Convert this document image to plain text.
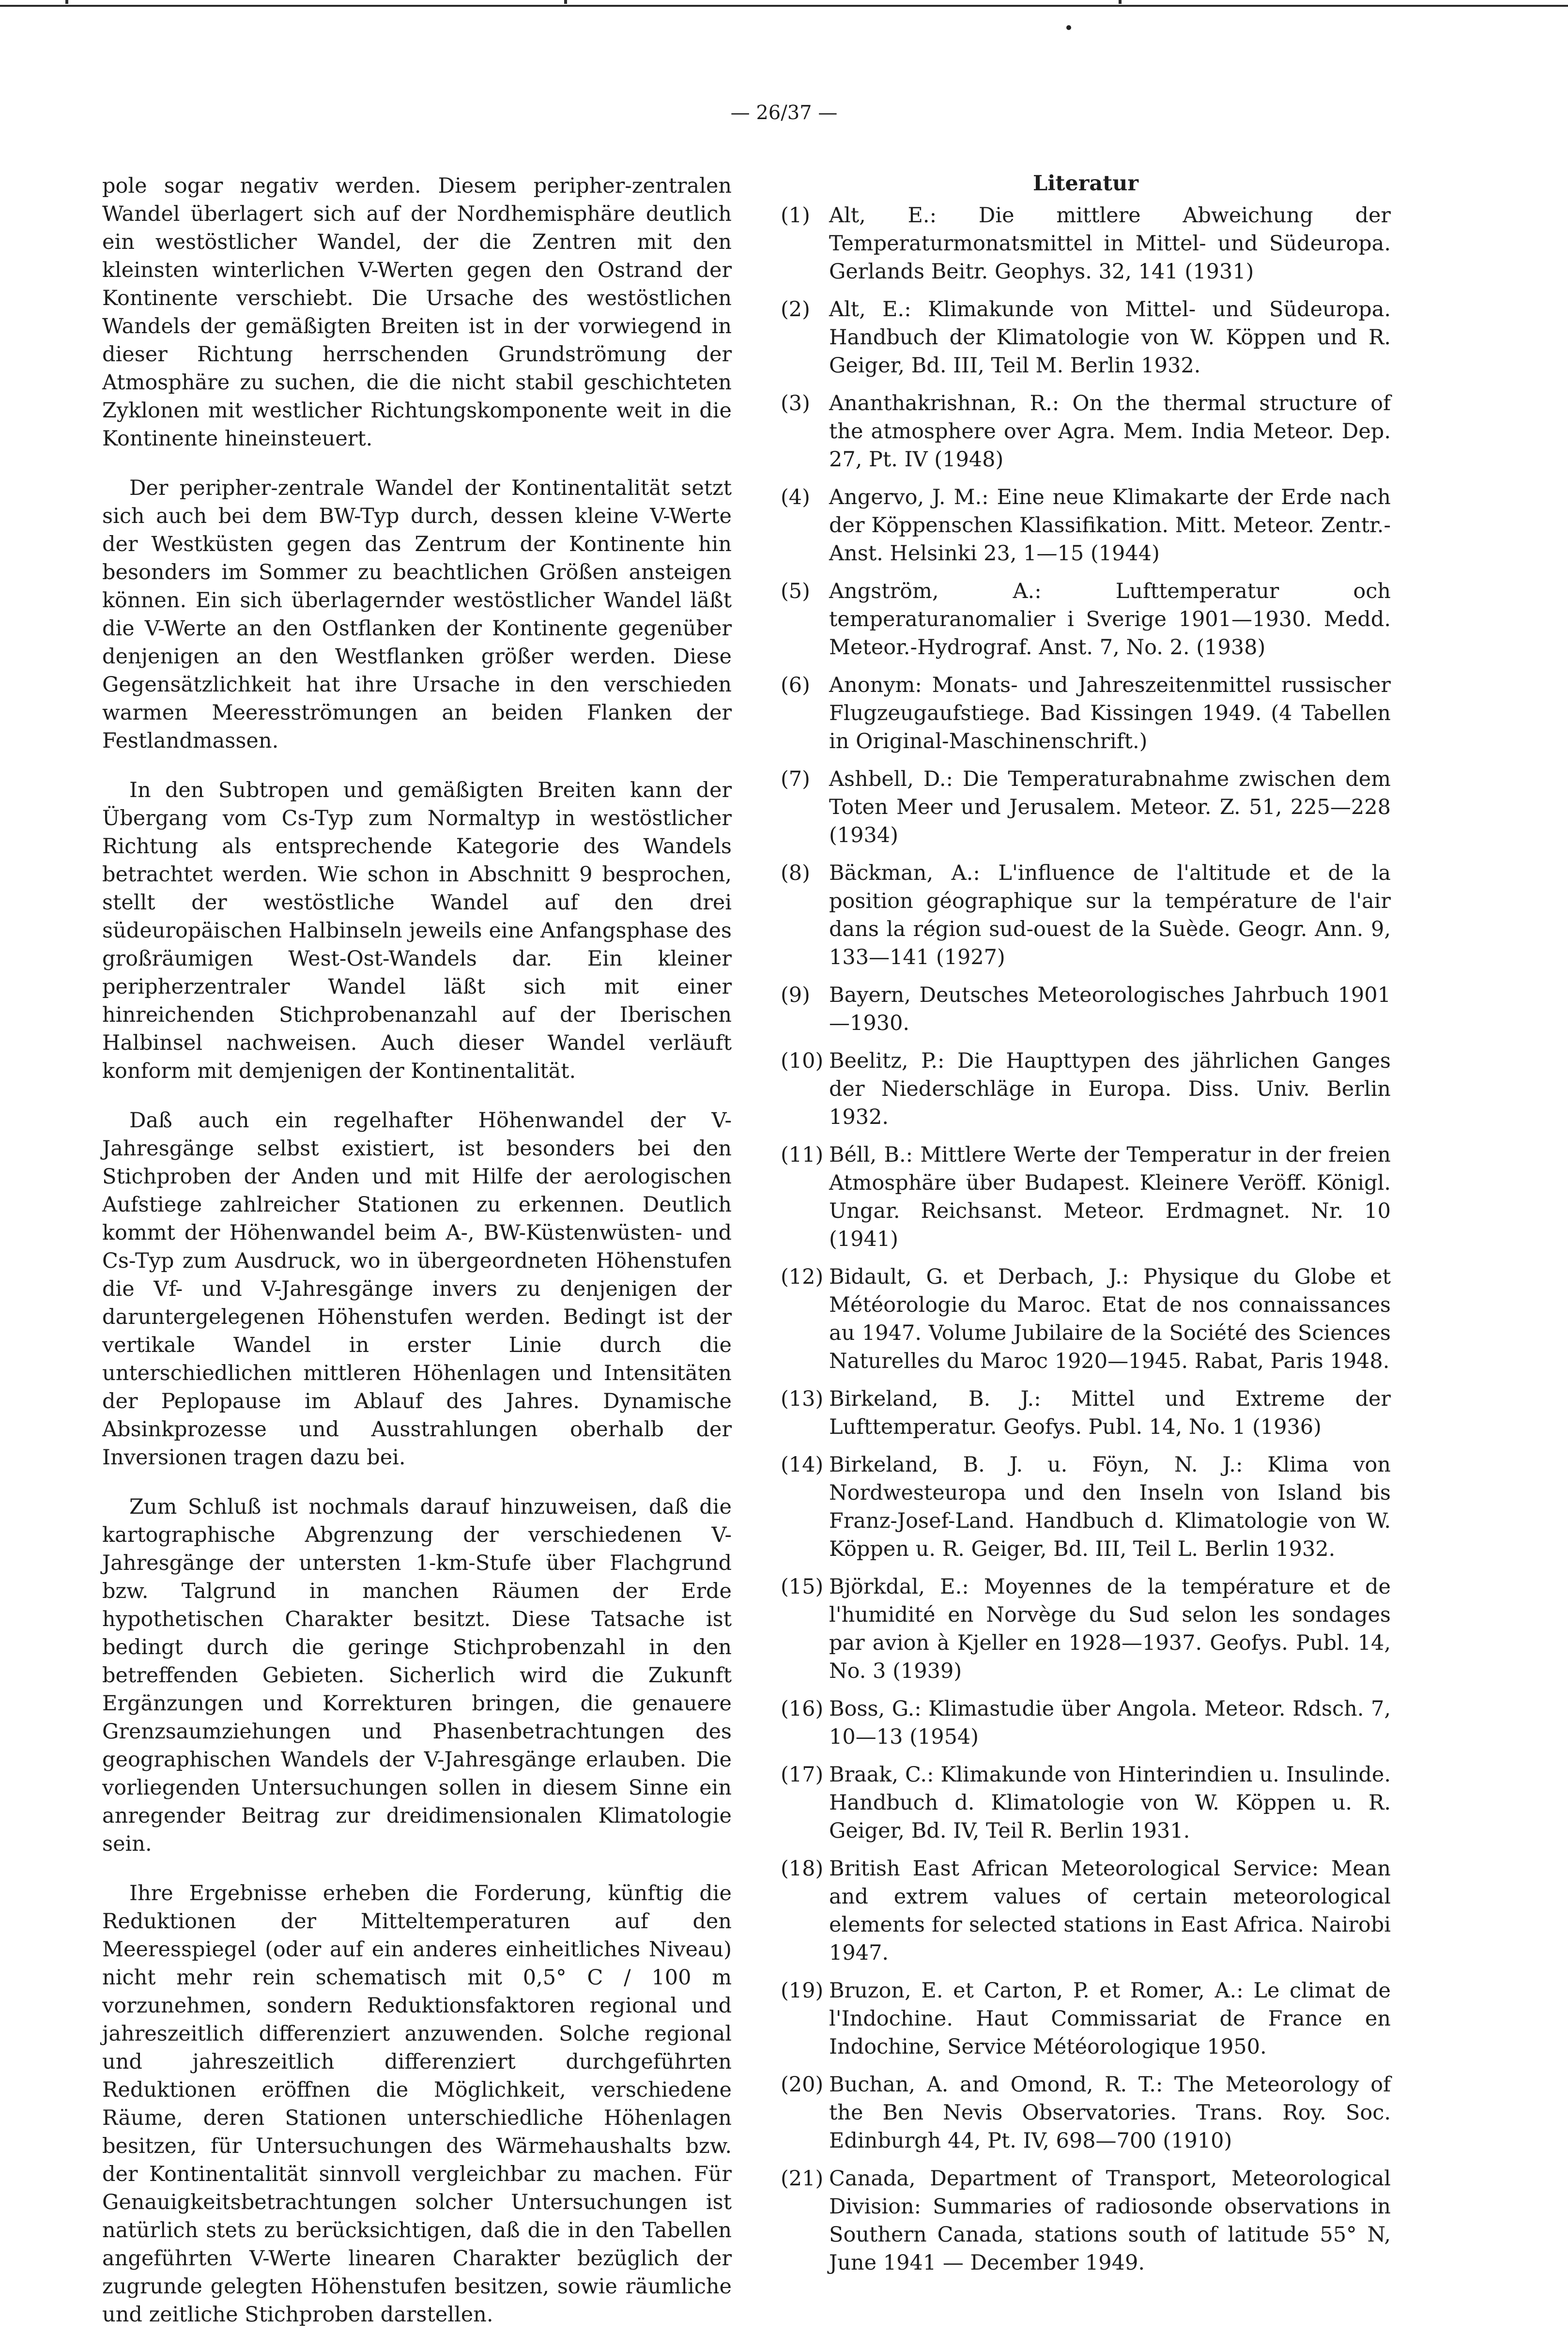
— 26/37 —

pole sogar negativ werden. Diesem peripher-zentralen Wandel überlagert sich auf der Nordhemisphäre deutlich ein westöstlicher Wandel, der die Zentren mit den kleinsten winterlichen V-Werten gegen den Ostrand der Kontinente verschiebt. Die Ursache des westöstlichen Wandels der gemäßigten Breiten ist in der vorwiegend in dieser Richtung herrschenden Grundströmung der Atmosphäre zu suchen, die die nicht stabil geschichteten Zyklonen mit westlicher Richtungskomponente weit in die Kontinente hineinsteuert.

Der peripher-zentrale Wandel der Kontinentalität setzt sich auch bei dem BW-Typ durch, dessen kleine V-Werte der Westküsten gegen das Zentrum der Kontinente hin besonders im Sommer zu beachtlichen Größen ansteigen können. Ein sich überlagernder westöstlicher Wandel läßt die V-Werte an den Ostflanken der Kontinente gegenüber denjenigen an den Westflanken größer werden. Diese Gegensätzlichkeit hat ihre Ursache in den verschieden warmen Meeresströmungen an beiden Flanken der Festlandmassen.

In den Subtropen und gemäßigten Breiten kann der Übergang vom Cs-Typ zum Normaltyp in westöstlicher Richtung als entsprechende Kategorie des Wandels betrachtet werden. Wie schon in Abschnitt 9 besprochen, stellt der westöstliche Wandel auf den drei südeuropäischen Halbinseln jeweils eine Anfangsphase des großräumigen West-Ost-Wandels dar. Ein kleiner peripherzentraler Wandel läßt sich mit einer hinreichenden Stichprobenanzahl auf der Iberischen Halbinsel nachweisen. Auch dieser Wandel verläuft konform mit demjenigen der Kontinentalität.

Daß auch ein regelhafter Höhenwandel der V-Jahresgänge selbst existiert, ist besonders bei den Stichproben der Anden und mit Hilfe der aerologischen Aufstiege zahlreicher Stationen zu erkennen. Deutlich kommt der Höhenwandel beim A-, BW-Küstenwüsten- und Cs-Typ zum Ausdruck, wo in übergeordneten Höhenstufen die Vf- und V-Jahresgänge invers zu denjenigen der daruntergelegenen Höhenstufen werden. Bedingt ist der vertikale Wandel in erster Linie durch die unterschiedlichen mittleren Höhenlagen und Intensitäten der Peplopause im Ablauf des Jahres. Dynamische Absinkprozesse und Ausstrahlungen oberhalb der Inversionen tragen dazu bei.

Zum Schluß ist nochmals darauf hinzuweisen, daß die kartographische Abgrenzung der verschiedenen V-Jahresgänge der untersten 1-km-Stufe über Flachgrund bzw. Talgrund in manchen Räumen der Erde hypothetischen Charakter besitzt. Diese Tatsache ist bedingt durch die geringe Stichprobenzahl in den betreffenden Gebieten. Sicherlich wird die Zukunft Ergänzungen und Korrekturen bringen, die genauere Grenzsaumziehungen und Phasenbetrachtungen des geographischen Wandels der V-Jahresgänge erlauben. Die vorliegenden Untersuchungen sollen in diesem Sinne ein anregender Beitrag zur dreidimensionalen Klimatologie sein.

Ihre Ergebnisse erheben die Forderung, künftig die Reduktionen der Mitteltemperaturen auf den Meeresspiegel (oder auf ein anderes einheitliches Niveau) nicht mehr rein schematisch mit 0,5° C / 100 m vorzunehmen, sondern Reduktionsfaktoren regional und jahreszeitlich differenziert anzuwenden. Solche regional und jahreszeitlich differenziert durchgeführten Reduktionen eröffnen die Möglichkeit, verschiedene Räume, deren Stationen unterschiedliche Höhenlagen besitzen, für Untersuchungen des Wärmehaushalts bzw. der Kontinentalität sinnvoll vergleichbar zu machen. Für Genauigkeitsbetrachtungen solcher Untersuchungen ist natürlich stets zu berücksichtigen, daß die in den Tabellen angeführten V-Werte linearen Charakter bezüglich der zugrunde gelegten Höhenstufen besitzen, sowie räumliche und zeitliche Stichproben darstellen.

Literatur
(1) Alt, E.: Die mittlere Abweichung der Temperaturmonatsmittel in Mittel- und Südeuropa. Gerlands Beitr. Geophys. 32, 141 (1931)
(2) Alt, E.: Klimakunde von Mittel- und Südeuropa. Handbuch der Klimatologie von W. Köppen und R. Geiger, Bd. III, Teil M. Berlin 1932.
(3) Ananthakrishnan, R.: On the thermal structure of the atmosphere over Agra. Mem. India Meteor. Dep. 27, Pt. IV (1948)
(4) Angervo, J. M.: Eine neue Klimakarte der Erde nach der Köppenschen Klassifikation. Mitt. Meteor. Zentr.-Anst. Helsinki 23, 1—15 (1944)
(5) Angström, A.: Lufttemperatur och temperaturanomalier i Sverige 1901—1930. Medd. Meteor.-Hydrograf. Anst. 7, No. 2. (1938)
(6) Anonym: Monats- und Jahreszeitenmittel russischer Flugzeugaufstiege. Bad Kissingen 1949. (4 Tabellen in Original-Maschinenschrift.)
(7) Ashbell, D.: Die Temperaturabnahme zwischen dem Toten Meer und Jerusalem. Meteor. Z. 51, 225—228 (1934)
(8) Bäckman, A.: L'influence de l'altitude et de la position géographique sur la température de l'air dans la région sud-ouest de la Suède. Geogr. Ann. 9, 133—141 (1927)
(9) Bayern, Deutsches Meteorologisches Jahrbuch 1901—1930.
(10) Beelitz, P.: Die Haupttypen des jährlichen Ganges der Niederschläge in Europa. Diss. Univ. Berlin 1932.
(11) Béll, B.: Mittlere Werte der Temperatur in der freien Atmosphäre über Budapest. Kleinere Veröff. Königl. Ungar. Reichsanst. Meteor. Erdmagnet. Nr. 10 (1941)
(12) Bidault, G. et Derbach, J.: Physique du Globe et Météorologie du Maroc. Etat de nos connaissances au 1947. Volume Jubilaire de la Société des Sciences Naturelles du Maroc 1920—1945. Rabat, Paris 1948.
(13) Birkeland, B. J.: Mittel und Extreme der Lufttemperatur. Geofys. Publ. 14, No. 1 (1936)
(14) Birkeland, B. J. u. Föyn, N. J.: Klima von Nordwesteuropa und den Inseln von Island bis Franz-Josef-Land. Handbuch d. Klimatologie von W. Köppen u. R. Geiger, Bd. III, Teil L. Berlin 1932.
(15) Björkdal, E.: Moyennes de la température et de l'humidité en Norvège du Sud selon les sondages par avion à Kjeller en 1928—1937. Geofys. Publ. 14, No. 3 (1939)
(16) Boss, G.: Klimastudie über Angola. Meteor. Rdsch. 7, 10—13 (1954)
(17) Braak, C.: Klimakunde von Hinterindien u. Insulinde. Handbuch d. Klimatologie von W. Köppen u. R. Geiger, Bd. IV, Teil R. Berlin 1931.
(18) British East African Meteorological Service: Mean and extrem values of certain meteorological elements for selected stations in East Africa. Nairobi 1947.
(19) Bruzon, E. et Carton, P. et Romer, A.: Le climat de l'Indochine. Haut Commissariat de France en Indochine, Service Météorologique 1950.
(20) Buchan, A. and Omond, R. T.: The Meteorology of the Ben Nevis Observatories. Trans. Roy. Soc. Edinburgh 44, Pt. IV, 698—700 (1910)
(21) Canada, Department of Transport, Meteorological Division: Summaries of radiosonde observations in Southern Canada, stations south of latitude 55° N, June 1941 — December 1949.
